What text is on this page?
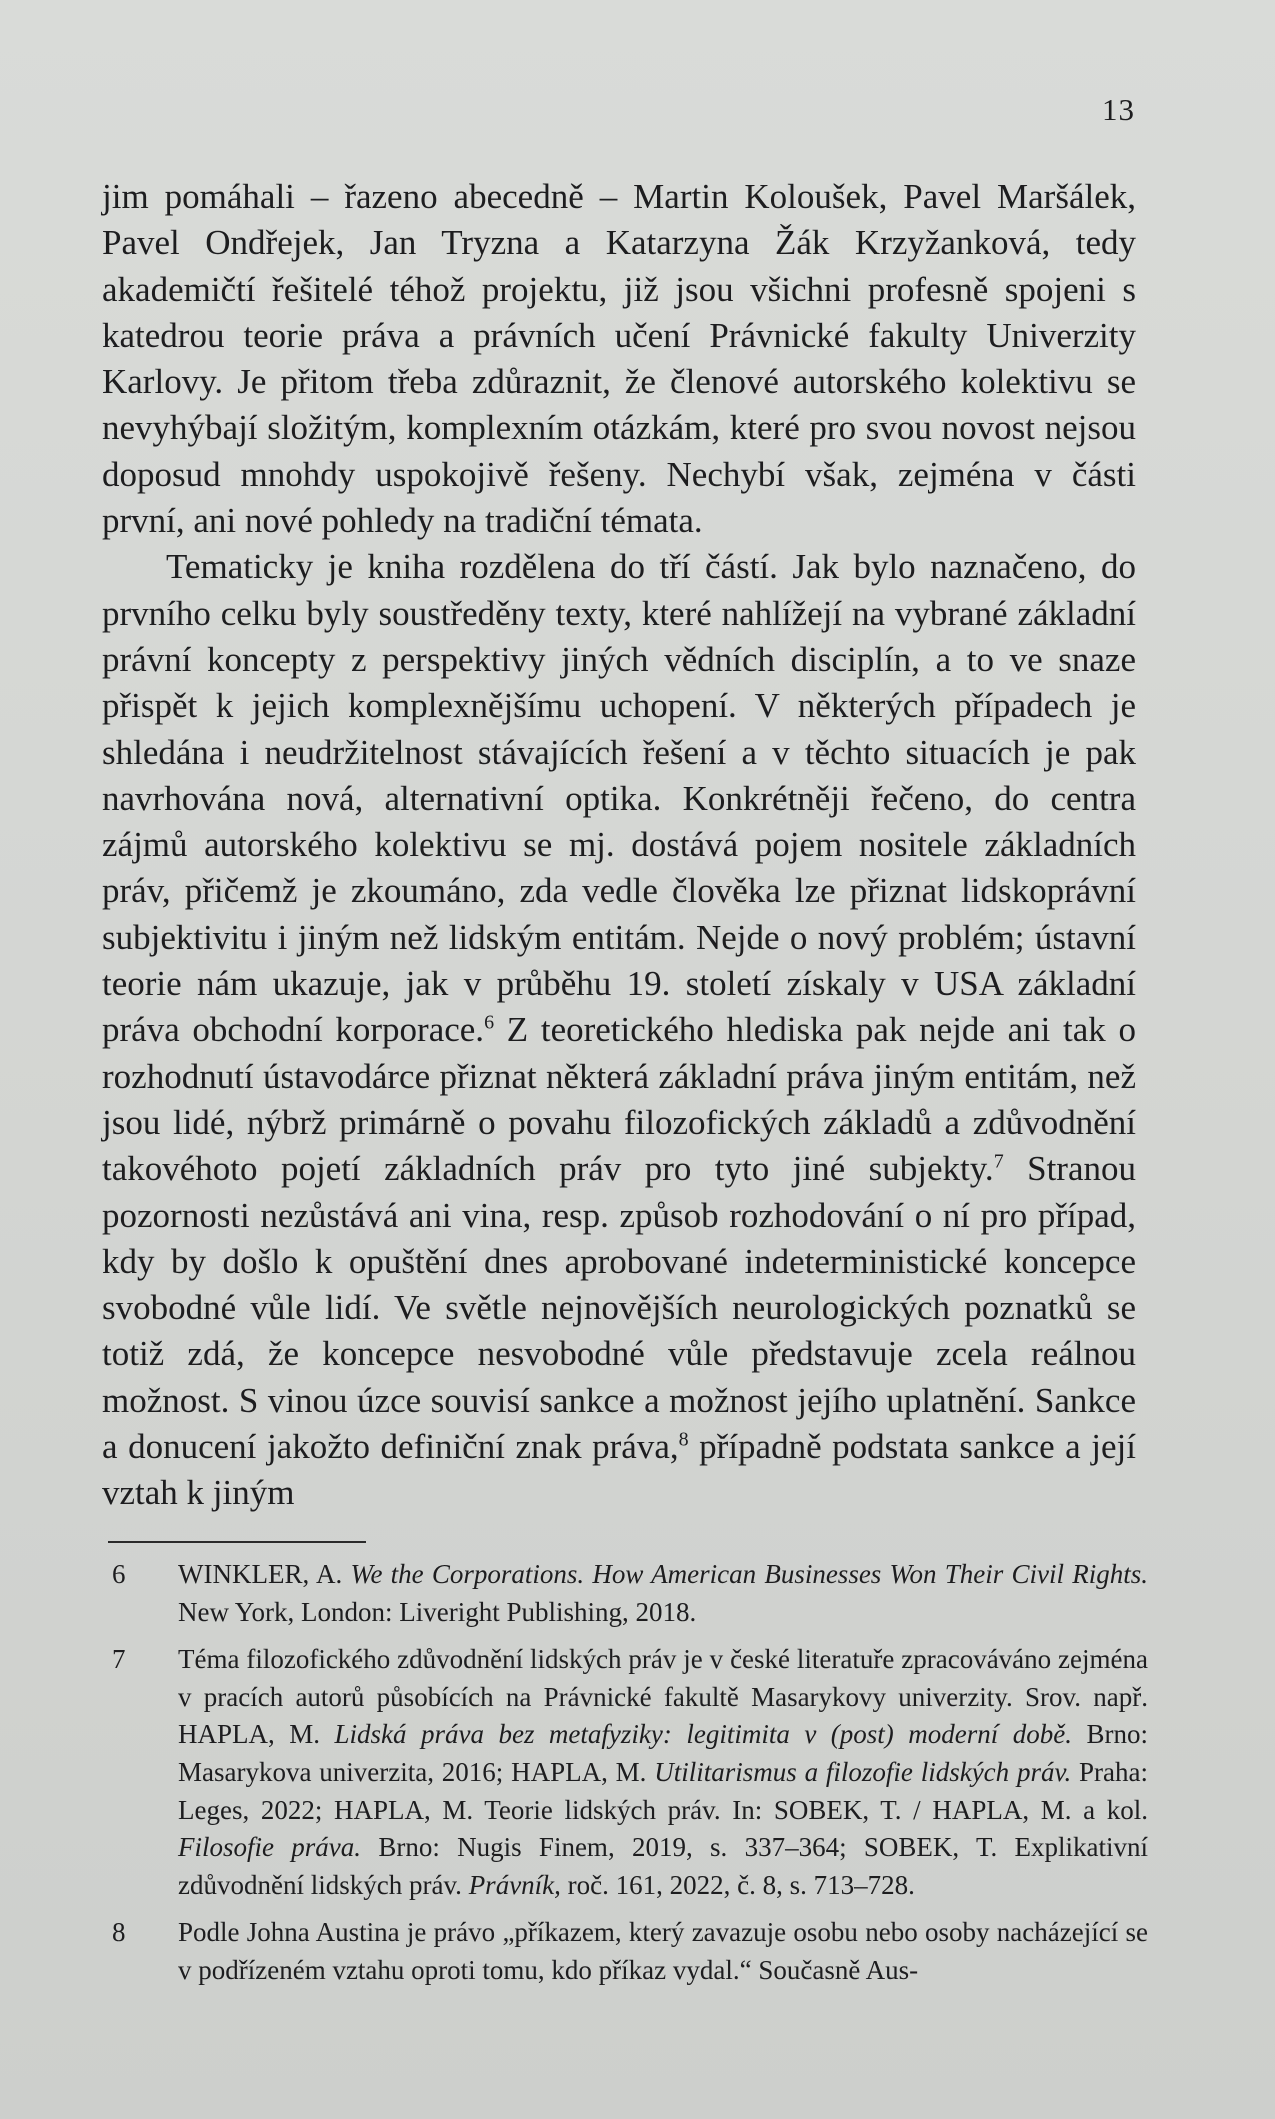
13

jim pomáhali – řazeno abecedně – Martin Koloušek, Pavel Maršálek, Pavel Ondřejek, Jan Tryzna a Katarzyna Žák Krzyžanková, tedy akademičtí řešitelé téhož projektu, již jsou všichni profesně spojeni s katedrou teorie práva a právních učení Právnické fakulty Univerzity Karlovy. Je přitom třeba zdůraznit, že členové autorského kolektivu se nevyhýbají složitým, komplexním otázkám, které pro svou novost nejsou doposud mnohdy uspokojivě řešeny. Nechybí však, zejména v části první, ani nové pohledy na tradiční témata.

Tematicky je kniha rozdělena do tří částí. Jak bylo naznačeno, do prvního celku byly soustředěny texty, které nahlížejí na vybrané základní právní koncepty z perspektivy jiných vědních disciplín, a to ve snaze přispět k jejich komplexnějšímu uchopení. V některých případech je shledána i neudržitelnost stávajících řešení a v těchto situacích je pak navrhována nová, alternativní optika. Konkrétněji řečeno, do centra zájmů autorského kolektivu se mj. dostává pojem nositele základních práv, přičemž je zkoumáno, zda vedle člověka lze přiznat lidskoprávní subjektivitu i jiným než lidským entitám. Nejde o nový problém; ústavní teorie nám ukazuje, jak v průběhu 19. století získaly v USA základní práva obchodní korporace.$^6$ Z teoretického hlediska pak nejde ani tak o rozhodnutí ústavodárce přiznat některá základní práva jiným entitám, než jsou lidé, nýbrž primárně o povahu filozofických základů a zdůvodnění takovéhoto pojetí základních práv pro tyto jiné subjekty.$^7$ Stranou pozornosti nezůstává ani vina, resp. způsob rozhodování o ní pro případ, kdy by došlo k opuštění dnes aprobované indeterministické koncepce svobodné vůle lidí. Ve světle nejnovějších neurologických poznatků se totiž zdá, že koncepce nesvobodné vůle představuje zcela reálnou možnost. S vinou úzce souvisí sankce a možnost jejího uplatnění. Sankce a donucení jakožto definiční znak práva,$^8$ případně podstata sankce a její vztah k jiným

6	WINKLER, A. We the Corporations. How American Businesses Won Their Civil Rights. New York, London: Liveright Publishing, 2018.
7	Téma filozofického zdůvodnění lidských práv je v české literatuře zpracováváno zejména v pracích autorů působících na Právnické fakultě Masarykovy univerzity. Srov. např. HAPLA, M. Lidská práva bez metafyziky: legitimita v (post) moderní době. Brno: Masarykova univerzita, 2016; HAPLA, M. Utilitarismus a filozofie lidských práv. Praha: Leges, 2022; HAPLA, M. Teorie lidských práv. In: SOBEK, T. / HAPLA, M. a kol. Filosofie práva. Brno: Nugis Finem, 2019, s. 337–364; SOBEK, T. Explikativní zdůvodnění lidských práv. Právník, roč. 161, 2022, č. 8, s. 713–728.
8	Podle Johna Austina je právo „příkazem, který zavazuje osobu nebo osoby nacházející se v podřízeném vztahu oproti tomu, kdo příkaz vydal.“ Současně Aus-
